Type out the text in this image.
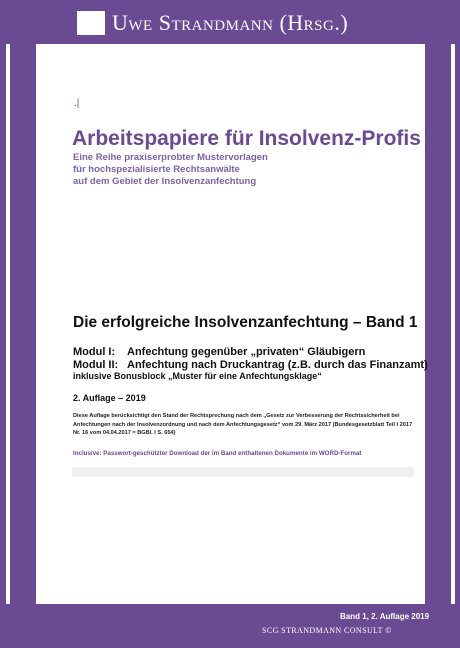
Uwe Strandmann (Hrsg.)
.|
Arbeitspapiere für Insolvenz-Profis
Eine Reihe praxiserprobter Mustervorlagen
für hochspezialisierte Rechtsanwälte
auf dem Gebiet der Insolvenzanfechtung
Die erfolgreiche Insolvenzanfechtung – Band 1
Modul I: Anfechtung gegenüber „privaten“ Gläubigern
Modul II: Anfechtung nach Druckantrag (z.B. durch das Finanzamt)
inklusive Bonusblock „Muster für eine Anfechtungsklage“
2. Auflage – 2019
Diese Auflage berücksichtigt den Stand der Rechtsprechung nach dem „Gesetz zur Verbesserung der Rechtssicherheit bei Anfechtungen nach der Insolvenzordnung und nach dem Anfechtungsgesetz“ vom 29. März 2017 (Bundesgesetzblatt Teil I 2017 Nr. 16 vom 04.04.2017 = BGBl. I S. 654)
Inclusive: Passwort-geschützter Download der im Band enthaltenen Dokumente im WORD-Format
Band 1, 2. Auflage 2019
SCG STRANDMANN CONSULT ©
